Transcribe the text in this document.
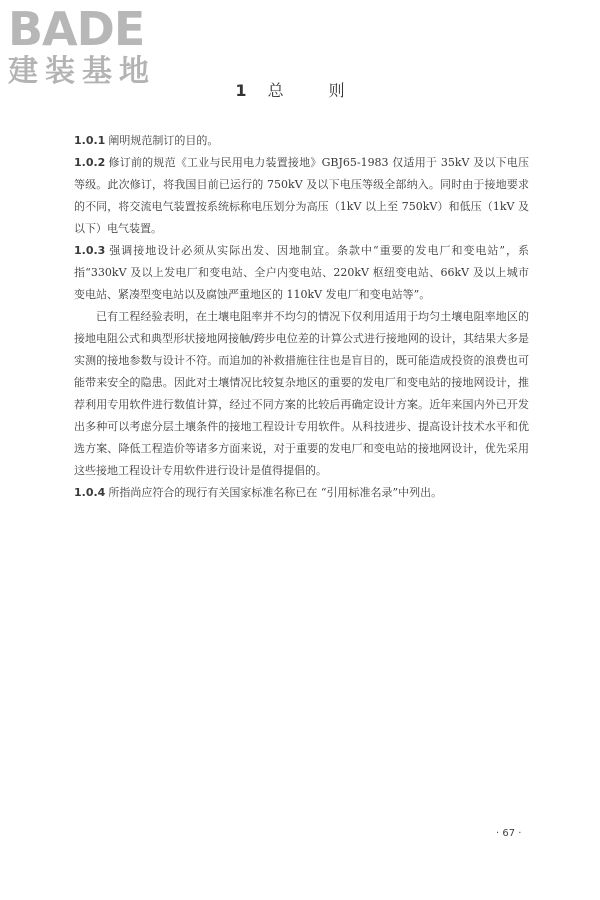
BADE
建装基地
1 总 则

1.0.1 阐明规范制订的目的。

1.0.2 修订前的规范《工业与民用电力装置接地》GBJ65-1983 仅适用于 35kV 及以下电压等级。此次修订，将我国目前已运行的 750kV 及以下电压等级全部纳入。同时由于接地要求的不同，将交流电气装置按系统标称电压划分为高压（1kV 以上至 750kV）和低压（1kV 及以下）电气装置。

1.0.3 强调接地设计必须从实际出发、因地制宜。条款中“重要的发电厂和变电站”，系指“330kV 及以上发电厂和变电站、全户内变电站、220kV 枢纽变电站、66kV 及以上城市变电站、紧凑型变电站以及腐蚀严重地区的 110kV 发电厂和变电站等”。

已有工程经验表明，在土壤电阻率并不均匀的情况下仅利用适用于均匀土壤电阻率地区的接地电阻公式和典型形状接地网接触/跨步电位差的计算公式进行接地网的设计，其结果大多是实测的接地参数与设计不符。而追加的补救措施往往也是盲目的，既可能造成投资的浪费也可能带来安全的隐患。因此对土壤情况比较复杂地区的重要的发电厂和变电站的接地网设计，推荐利用专用软件进行数值计算，经过不同方案的比较后再确定设计方案。近年来国内外已开发出多种可以考虑分层土壤条件的接地工程设计专用软件。从科技进步、提高设计技术水平和优选方案、降低工程造价等诸多方面来说，对于重要的发电厂和变电站的接地网设计，优先采用这些接地工程设计专用软件进行设计是值得提倡的。

1.0.4 所指尚应符合的现行有关国家标准名称已在 “引用标准名录”中列出。

· 67 ·
